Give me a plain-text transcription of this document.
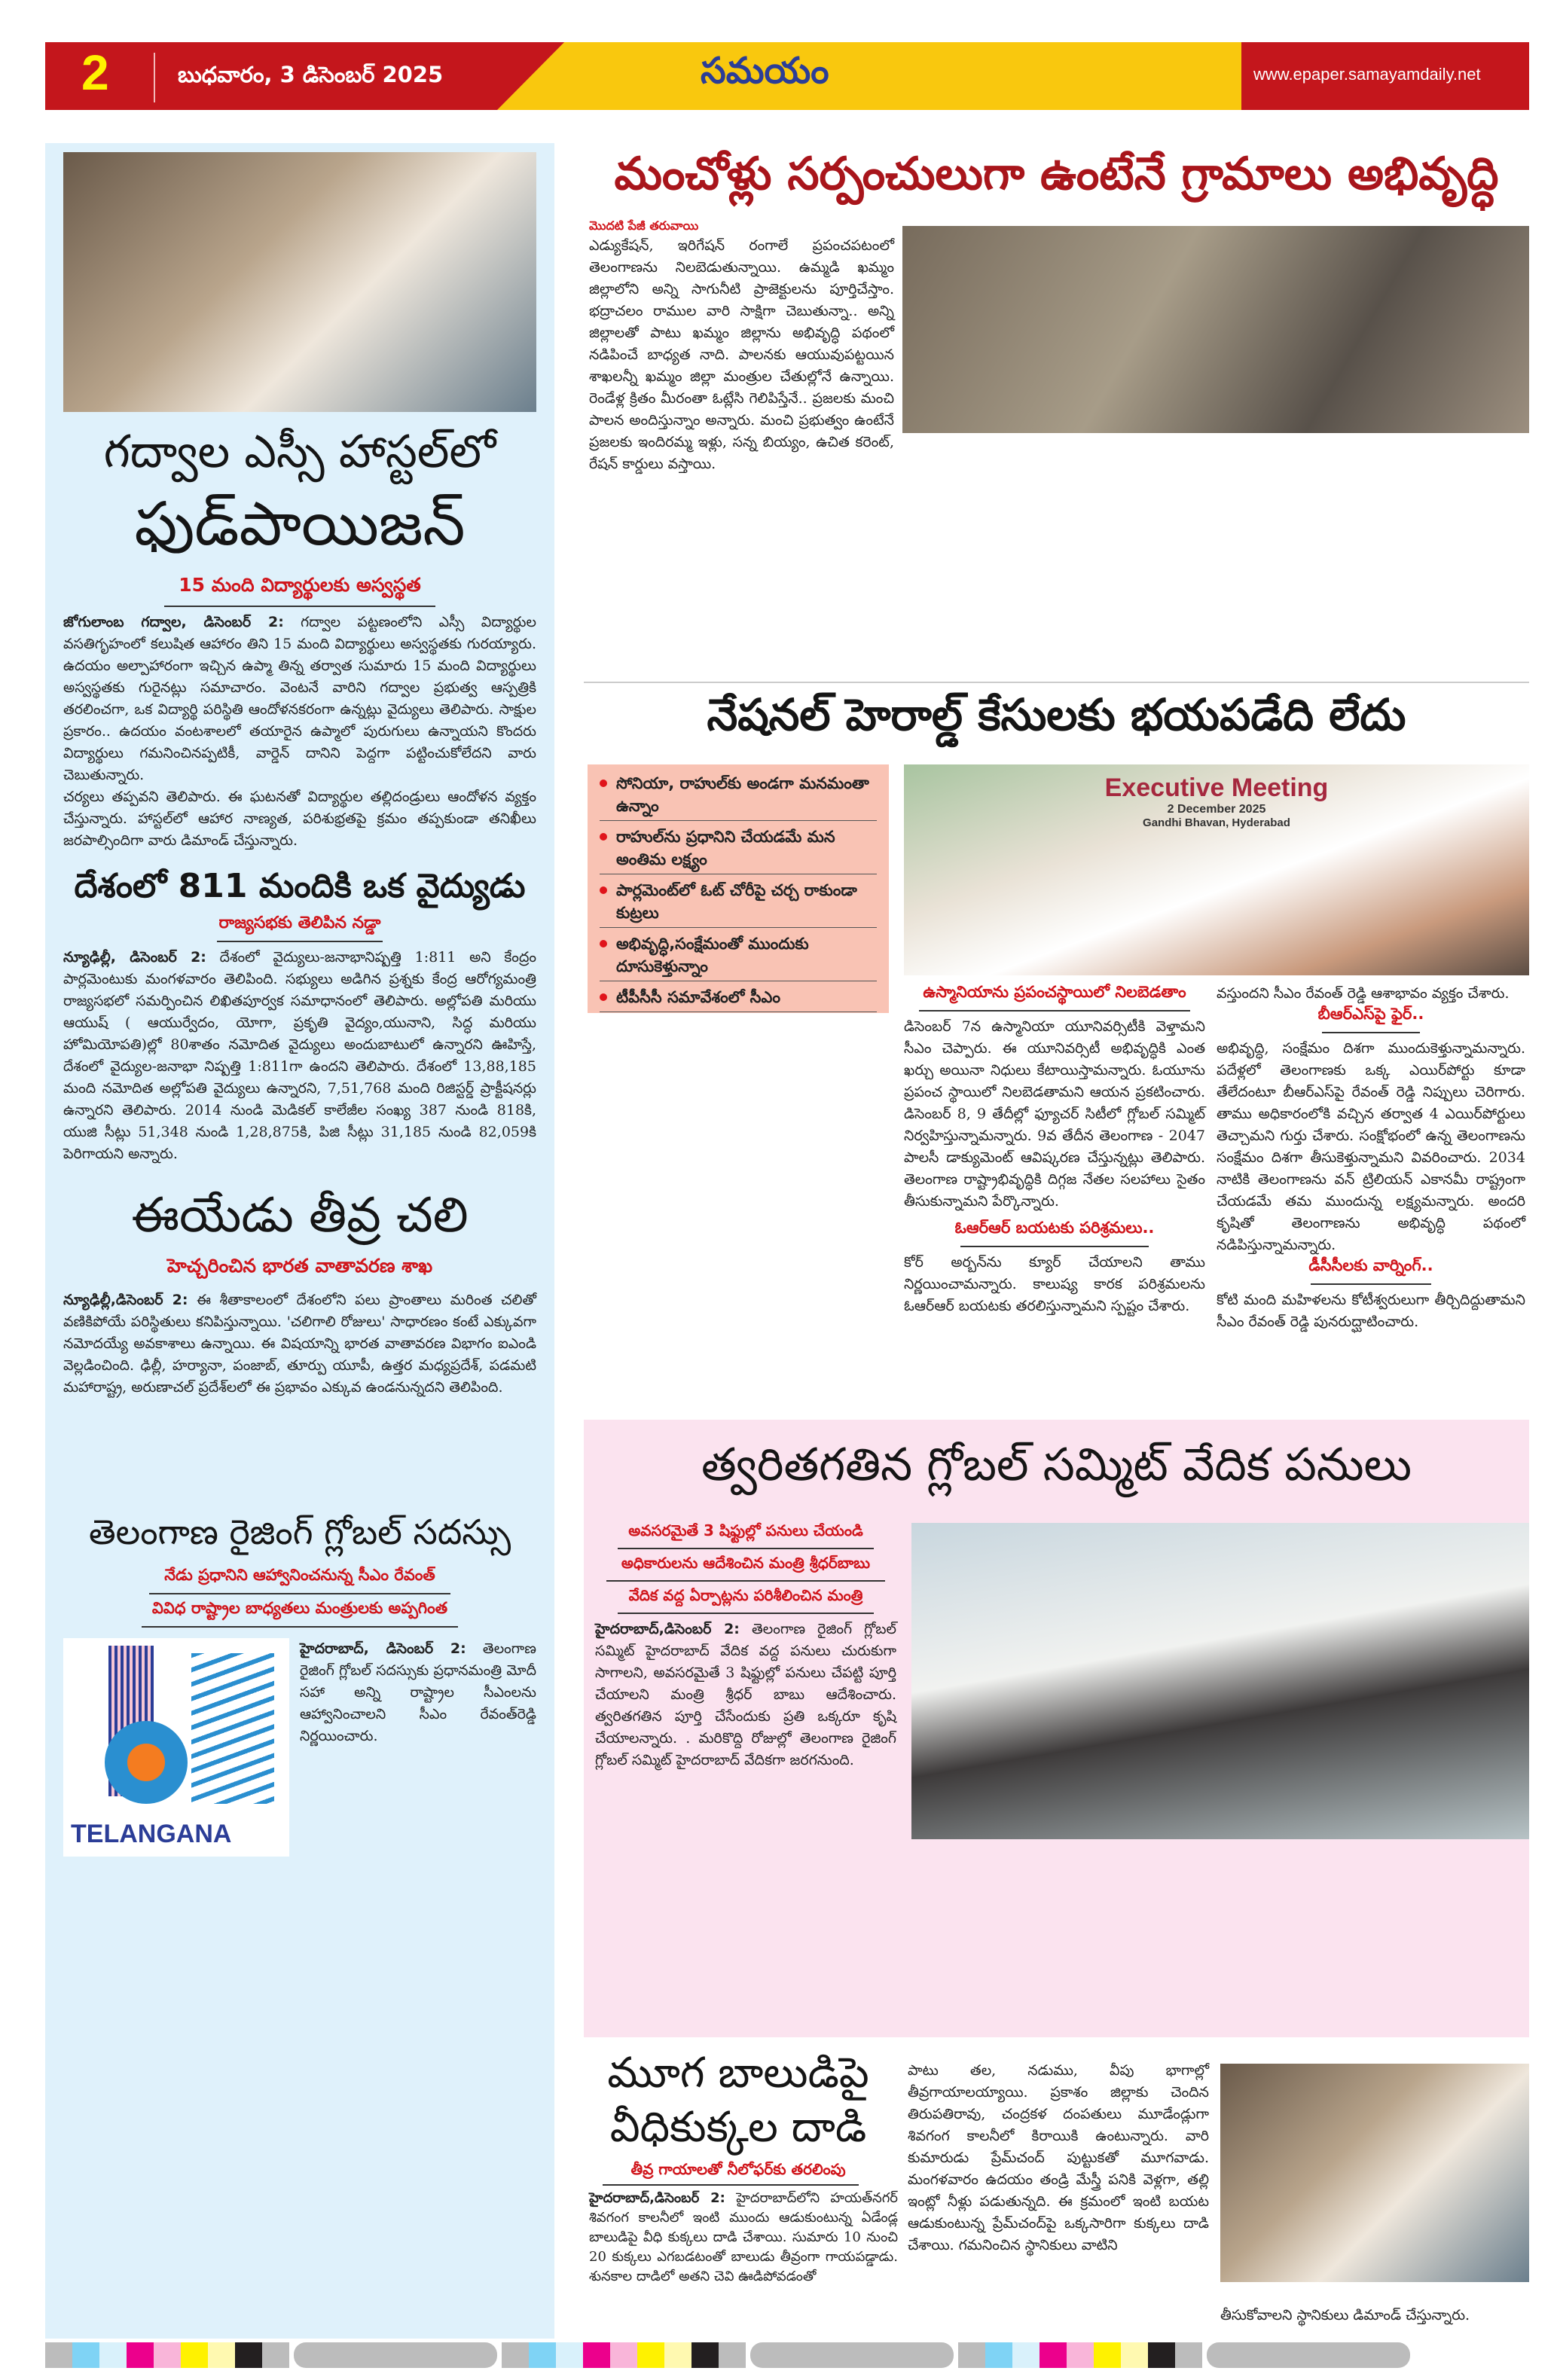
2	బుధవారం, 3 డిసెంబర్ 2025	సమయం	www.epaper.samayamdaily.net
గద్వాల ఎస్సీ హాస్టల్‌లో
ఫుడ్‌పాయిజన్
15 మంది విద్యార్థులకు అస్వస్థత

జోగులాంబ గద్వాల, డిసెంబర్ 2: గద్వాల పట్టణంలోని ఎస్సీ విద్యార్థుల వసతిగృహంలో కలుషిత ఆహారం తిని 15 మంది విద్యార్థులు అస్వస్థతకు గురయ్యారు. ఉదయం అల్పాహారంగా ఇచ్చిన ఉప్మా తిన్న తర్వాత సుమారు 15 మంది విద్యార్థులు అస్వస్థతకు గురైనట్లు సమాచారం. వెంటనే వారిని గద్వాల ప్రభుత్వ ఆస్పత్రికి తరలించగా, ఒక విద్యార్థి పరిస్థితి ఆందోళనకరంగా ఉన్నట్లు వైద్యులు తెలిపారు. సాక్షుల ప్రకారం.. ఉదయం వంటశాలలో తయారైన ఉప్మాలో పురుగులు ఉన్నాయని కొందరు విద్యార్థులు గమనించినప్పటికీ, వార్డెన్ దానిని పెద్దగా పట్టించుకోలేదని వారు చెబుతున్నారు.

చర్యలు తప్పవని తెలిపారు. ఈ ఘటనతో విద్యార్థుల తల్లిదండ్రులు ఆందోళన వ్యక్తం చేస్తున్నారు. హాస్టల్‌లో ఆహార నాణ్యత, పరిశుభ్రతపై క్రమం తప్పకుండా తనిఖీలు జరపాల్సిందిగా వారు డిమాండ్ చేస్తున్నారు.

దేశంలో 811 మందికి ఒక వైద్యుడు
రాజ్యసభకు తెలిపిన నడ్డా

న్యూఢిల్లీ, డిసెంబర్ 2: దేశంలో వైద్యులు-జనాభానిష్పత్తి 1:811 అని కేంద్రం పార్లమెంటుకు మంగళవారం తెలిపింది. సభ్యులు అడిగిన ప్రశ్నకు కేంద్ర ఆరోగ్యమంత్రి రాజ్యసభలో సమర్పించిన లిఖితపూర్వక సమాధానంలో తెలిపారు. అల్లోపతి మరియు ఆయుష్ ( ఆయుర్వేదం, యోగా, ప్రకృతి వైద్యం,యునాని, సిద్ధ మరియు హోమియోపతి)ల్లో 80శాతం నమోదిత వైద్యులు అందుబాటులో ఉన్నారని ఊహిస్తే, దేశంలో వైద్యుల-జనాభా నిష్పత్తి 1:811గా ఉందని తెలిపారు. దేశంలో 13,88,185 మంది నమోదిత అల్లోపతి వైద్యులు ఉన్నారని, 7,51,768 మంది రిజిస్టర్డ్ ప్రాక్టీషనర్లు ఉన్నారని తెలిపారు. 2014 నుండి మెడికల్ కాలేజీల సంఖ్య 387 నుండి 818కి, యుజి సీట్లు 51,348 నుండి 1,28,875కి, పిజి సీట్లు 31,185 నుండి 82,059కి పెరిగాయని అన్నారు.

ఈయేడు తీవ్ర చలి
హెచ్చరించిన భారత వాతావరణ శాఖ

న్యూఢిల్లీ,డిసెంబర్ 2: ఈ శీతాకాలంలో దేశంలోని పలు ప్రాంతాలు మరింత చలితో వణికిపోయే పరిస్థితులు కనిపిస్తున్నాయి. 'చలిగాలి రోజులు' సాధారణం కంటే ఎక్కువగా నమోదయ్యే అవకాశాలు ఉన్నాయి. ఈ విషయాన్ని భారత వాతావరణ విభాగం ఐఎండి వెల్లడించింది. ఢిల్లీ, హర్యానా, పంజాబ్, తూర్పు యూపీ, ఉత్తర మధ్యప్రదేశ్, పడమటి మహారాష్ట్ర, అరుణాచల్ ప్రదేశ్‌లలో ఈ ప్రభావం ఎక్కువ ఉండనున్నదని తెలిపింది.

తెలంగాణ రైజింగ్ గ్లోబల్ సదస్సు
నేడు ప్రధానిని ఆహ్వానించనున్న సీఎం రేవంత్
వివిధ రాష్ట్రాల బాధ్యతలు మంత్రులకు అప్పగింత
TELANGANA

హైదరాబాద్, డిసెంబర్ 2: తెలంగాణ రైజింగ్ గ్లోబల్ సదస్సుకు ప్రధానమంత్రి మోదీ సహా అన్ని రాష్ట్రాల సీఎంలను ఆహ్వానించాలని సీఎం రేవంత్‌రెడ్డి నిర్ణయించారు.

మంచోళ్లు సర్పంచులుగా ఉంటేనే గ్రామాలు అభివృద్ధి
మొదటి పేజీ తరువాయి

ఎడ్యుకేషన్, ఇరిగేషన్ రంగాలే ప్రపంచపటంలో తెలంగాణను నిలబెడుతున్నాయి. ఉమ్మడి ఖమ్మం జిల్లాలోని అన్ని సాగునీటి ప్రాజెక్టులను పూర్తిచేస్తాం. భద్రాచలం రాముల వారి సాక్షిగా చెబుతున్నా.. అన్ని జిల్లాలతో పాటు ఖమ్మం జిల్లాను అభివృద్ధి పథంలో నడిపించే బాధ్యత నాది. పాలనకు ఆయువుపట్టయిన శాఖలన్నీ ఖమ్మం జిల్లా మంత్రుల చేతుల్లోనే ఉన్నాయి. రెండేళ్ల క్రితం మీరంతా ఓట్లేసి గెలిపిస్తేనే.. ప్రజలకు మంచి పాలన అందిస్తున్నాం అన్నారు. మంచి ప్రభుత్వం ఉంటేనే ప్రజలకు ఇందిరమ్మ ఇళ్లు, సన్న బియ్యం, ఉచిత కరెంట్, రేషన్ కార్డులు వస్తాయి.

నేషనల్ హెరాల్డ్ కేసులకు భయపడేది లేదు
సోనియా, రాహుల్‌కు అండగా మనమంతా ఉన్నాం
రాహుల్‌ను ప్రధానిని చేయడమే మన అంతిమ లక్ష్యం
పార్లమెంట్‌లో ఓట్ చోరీపై చర్చ రాకుండా కుట్రలు
అభివృద్ధి,సంక్షేమంతో ముందుకు దూసుకెళ్తున్నాం
టీపీసీసీ సమావేశంలో సీఎం
Executive Meeting
2 December 2025
Gandhi Bhavan, Hyderabad
ఉస్మానియాను ప్రపంచస్థాయిలో నిలబెడతాం

డిసెంబర్ 7న ఉస్మానియా యూనివర్సిటీకి వెళ్తామని సీఎం చెప్పారు. ఈ యూనివర్సిటీ అభివృద్ధికి ఎంత ఖర్చు అయినా నిధులు కేటాయిస్తామన్నారు. ఓయూను ప్రపంచ స్థాయిలో నిలబెడతామని ఆయన ప్రకటించారు. డిసెంబర్ 8, 9 తేదీల్లో ఫ్యూచర్ సిటీలో గ్లోబల్ సమ్మిట్ నిర్వహిస్తున్నామన్నారు. 9వ తేదీన తెలంగాణ - 2047 పాలసీ డాక్యుమెంట్ ఆవిష్కరణ చేస్తున్నట్లు తెలిపారు. తెలంగాణ రాష్ట్రాభివృద్ధికి దిగ్గజ నేతల సలహాలు సైతం తీసుకున్నామని పేర్కొన్నారు.

ఓఆర్ఆర్ బయటకు పరిశ్రమలు..

కోర్ అర్బన్‌ను క్యూర్ చేయాలని తాము నిర్ణయించామన్నారు. కాలుష్య కారక పరిశ్రమలను ఓఆర్ఆర్ బయటకు తరలిస్తున్నామని స్పష్టం చేశారు.

వస్తుందని సీఎం రేవంత్ రెడ్డి ఆశాభావం వ్యక్తం చేశారు.

బీఆర్ఎస్‌పై ఫైర్..

అభివృద్ధి, సంక్షేమం దిశగా ముందుకెళ్తున్నామన్నారు. పదేళ్లలో తెలంగాణకు ఒక్క ఎయిర్‌పోర్టు కూడా తేలేదంటూ బీఆర్ఎస్‌పై రేవంత్ రెడ్డి నిప్పులు చెరిగారు. తాము అధికారంలోకి వచ్చిన తర్వాత 4 ఎయిర్‌పోర్టులు తెచ్చామని గుర్తు చేశారు. సంక్షోభంలో ఉన్న తెలంగాణను సంక్షేమం దిశగా తీసుకెళ్తున్నామని వివరించారు. 2034 నాటికి తెలంగాణను వన్ ట్రిలియన్ ఎకానమీ రాష్ట్రంగా చేయడమే తమ ముందున్న లక్ష్యమన్నారు. అందరి కృషితో తెలంగాణను అభివృద్ధి పథంలో నడిపిస్తున్నామన్నారు.

డీసీసీలకు వార్నింగ్..

కోటి మంది మహిళలను కోటీశ్వరులుగా తీర్చిదిద్దుతామని సీఎం రేవంత్ రెడ్డి పునరుద్ఘాటించారు.

త్వరితగతిన గ్లోబల్ సమ్మిట్ వేదిక పనులు
అవసరమైతే 3 షిఫ్టుల్లో పనులు చేయండి
అధికారులను ఆదేశించిన మంత్రి శ్రీధర్‌బాబు
వేదిక వద్ద ఏర్పాట్లను పరిశీలించిన మంత్రి

హైదరాబాద్,డిసెంబర్ 2: తెలంగాణ రైజింగ్ గ్లోబల్ సమ్మిట్ హైదరాబాద్ వేదిక వద్ద పనులు చురుకుగా సాగాలని, అవసరమైతే 3 షిఫ్టుల్లో పనులు చేపట్టి పూర్తి చేయాలని మంత్రి శ్రీధర్ బాబు ఆదేశించారు. త్వరితగతిన పూర్తి చేసేందుకు ప్రతి ఒక్కరూ కృషి చేయాలన్నారు. . మరికొద్ది రోజుల్లో తెలంగాణ రైజింగ్ గ్లోబల్ సమ్మిట్ హైదరాబాద్ వేదికగా జరగనుంది.

మూగ బాలుడిపై
వీధికుక్కల దాడి
తీవ్ర గాయాలతో నీలోఫర్‌కు తరలింపు

హైదరాబాద్,డిసెంబర్ 2: హైదరాబాద్‌లోని హయత్‌నగర్ శివగంగ కాలనీలో ఇంటి ముందు ఆడుకుంటున్న ఏడేండ్ల బాలుడిపై వీధి కుక్కలు దాడి చేశాయి. సుమారు 10 నుంచి 20 కుక్కలు ఎగబడటంతో బాలుడు తీవ్రంగా గాయపడ్డాడు. శునకాల దాడిలో అతని చెవి ఊడిపోవడంతో

పాటు తల, నడుము, వీపు భాగాల్లో తీవ్రగాయాలయ్యాయి. ప్రకాశం జిల్లాకు చెందిన తిరుపతిరావు, చంద్రకళ దంపతులు మూడేండ్లుగా శివగంగ కాలనీలో కిరాయికి ఉంటున్నారు. వారి కుమారుడు ప్రేమ్‌చంద్ పుట్టుకతో మూగవాడు. మంగళవారం ఉదయం తండ్రి మేస్త్రీ పనికి వెళ్లగా, తల్లి ఇంట్లో నీళ్లు పడుతున్నది. ఈ క్రమంలో ఇంటి బయట ఆడుకుంటున్న ప్రేమ్‌చంద్‌పై ఒక్కసారిగా కుక్కలు దాడి చేశాయి. గమనించిన స్థానికులు వాటిని

తీసుకోవాలని స్థానికులు డిమాండ్ చేస్తున్నారు.
